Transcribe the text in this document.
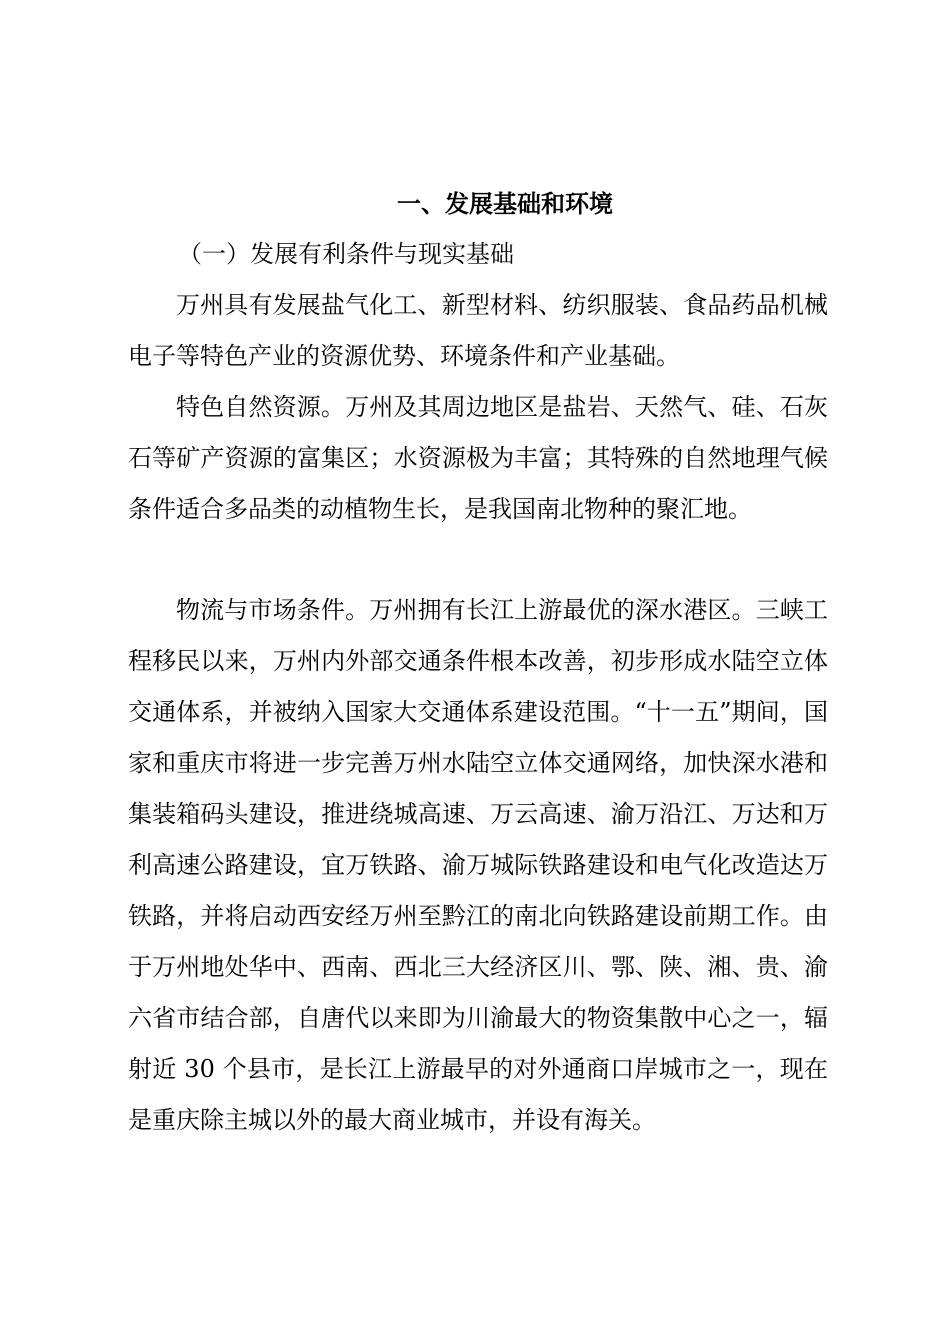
一、发展基础和环境
（一）发展有利条件与现实基础

万州具有发展盐气化工、新型材料、纺织服装、食品药品机械电子等特色产业的资源优势、环境条件和产业基础。

特色自然资源。万州及其周边地区是盐岩、天然气、硅、石灰石等矿产资源的富集区；水资源极为丰富；其特殊的自然地理气候条件适合多品类的动植物生长，是我国南北物种的聚汇地。

物流与市场条件。万州拥有长江上游最优的深水港区。三峡工程移民以来，万州内外部交通条件根本改善，初步形成水陆空立体交通体系，并被纳入国家大交通体系建设范围。“十一五”期间，国家和重庆市将进一步完善万州水陆空立体交通网络，加快深水港和集装箱码头建设，推进绕城高速、万云高速、渝万沿江、万达和万利高速公路建设，宜万铁路、渝万城际铁路建设和电气化改造达万铁路，并将启动西安经万州至黔江的南北向铁路建设前期工作。由于万州地处华中、西南、西北三大经济区川、鄂、陕、湘、贵、渝六省市结合部，自唐代以来即为川渝最大的物资集散中心之一，辐射近 30 个县市，是长江上游最早的对外通商口岸城市之一，现在是重庆除主城以外的最大商业城市，并设有海关。
